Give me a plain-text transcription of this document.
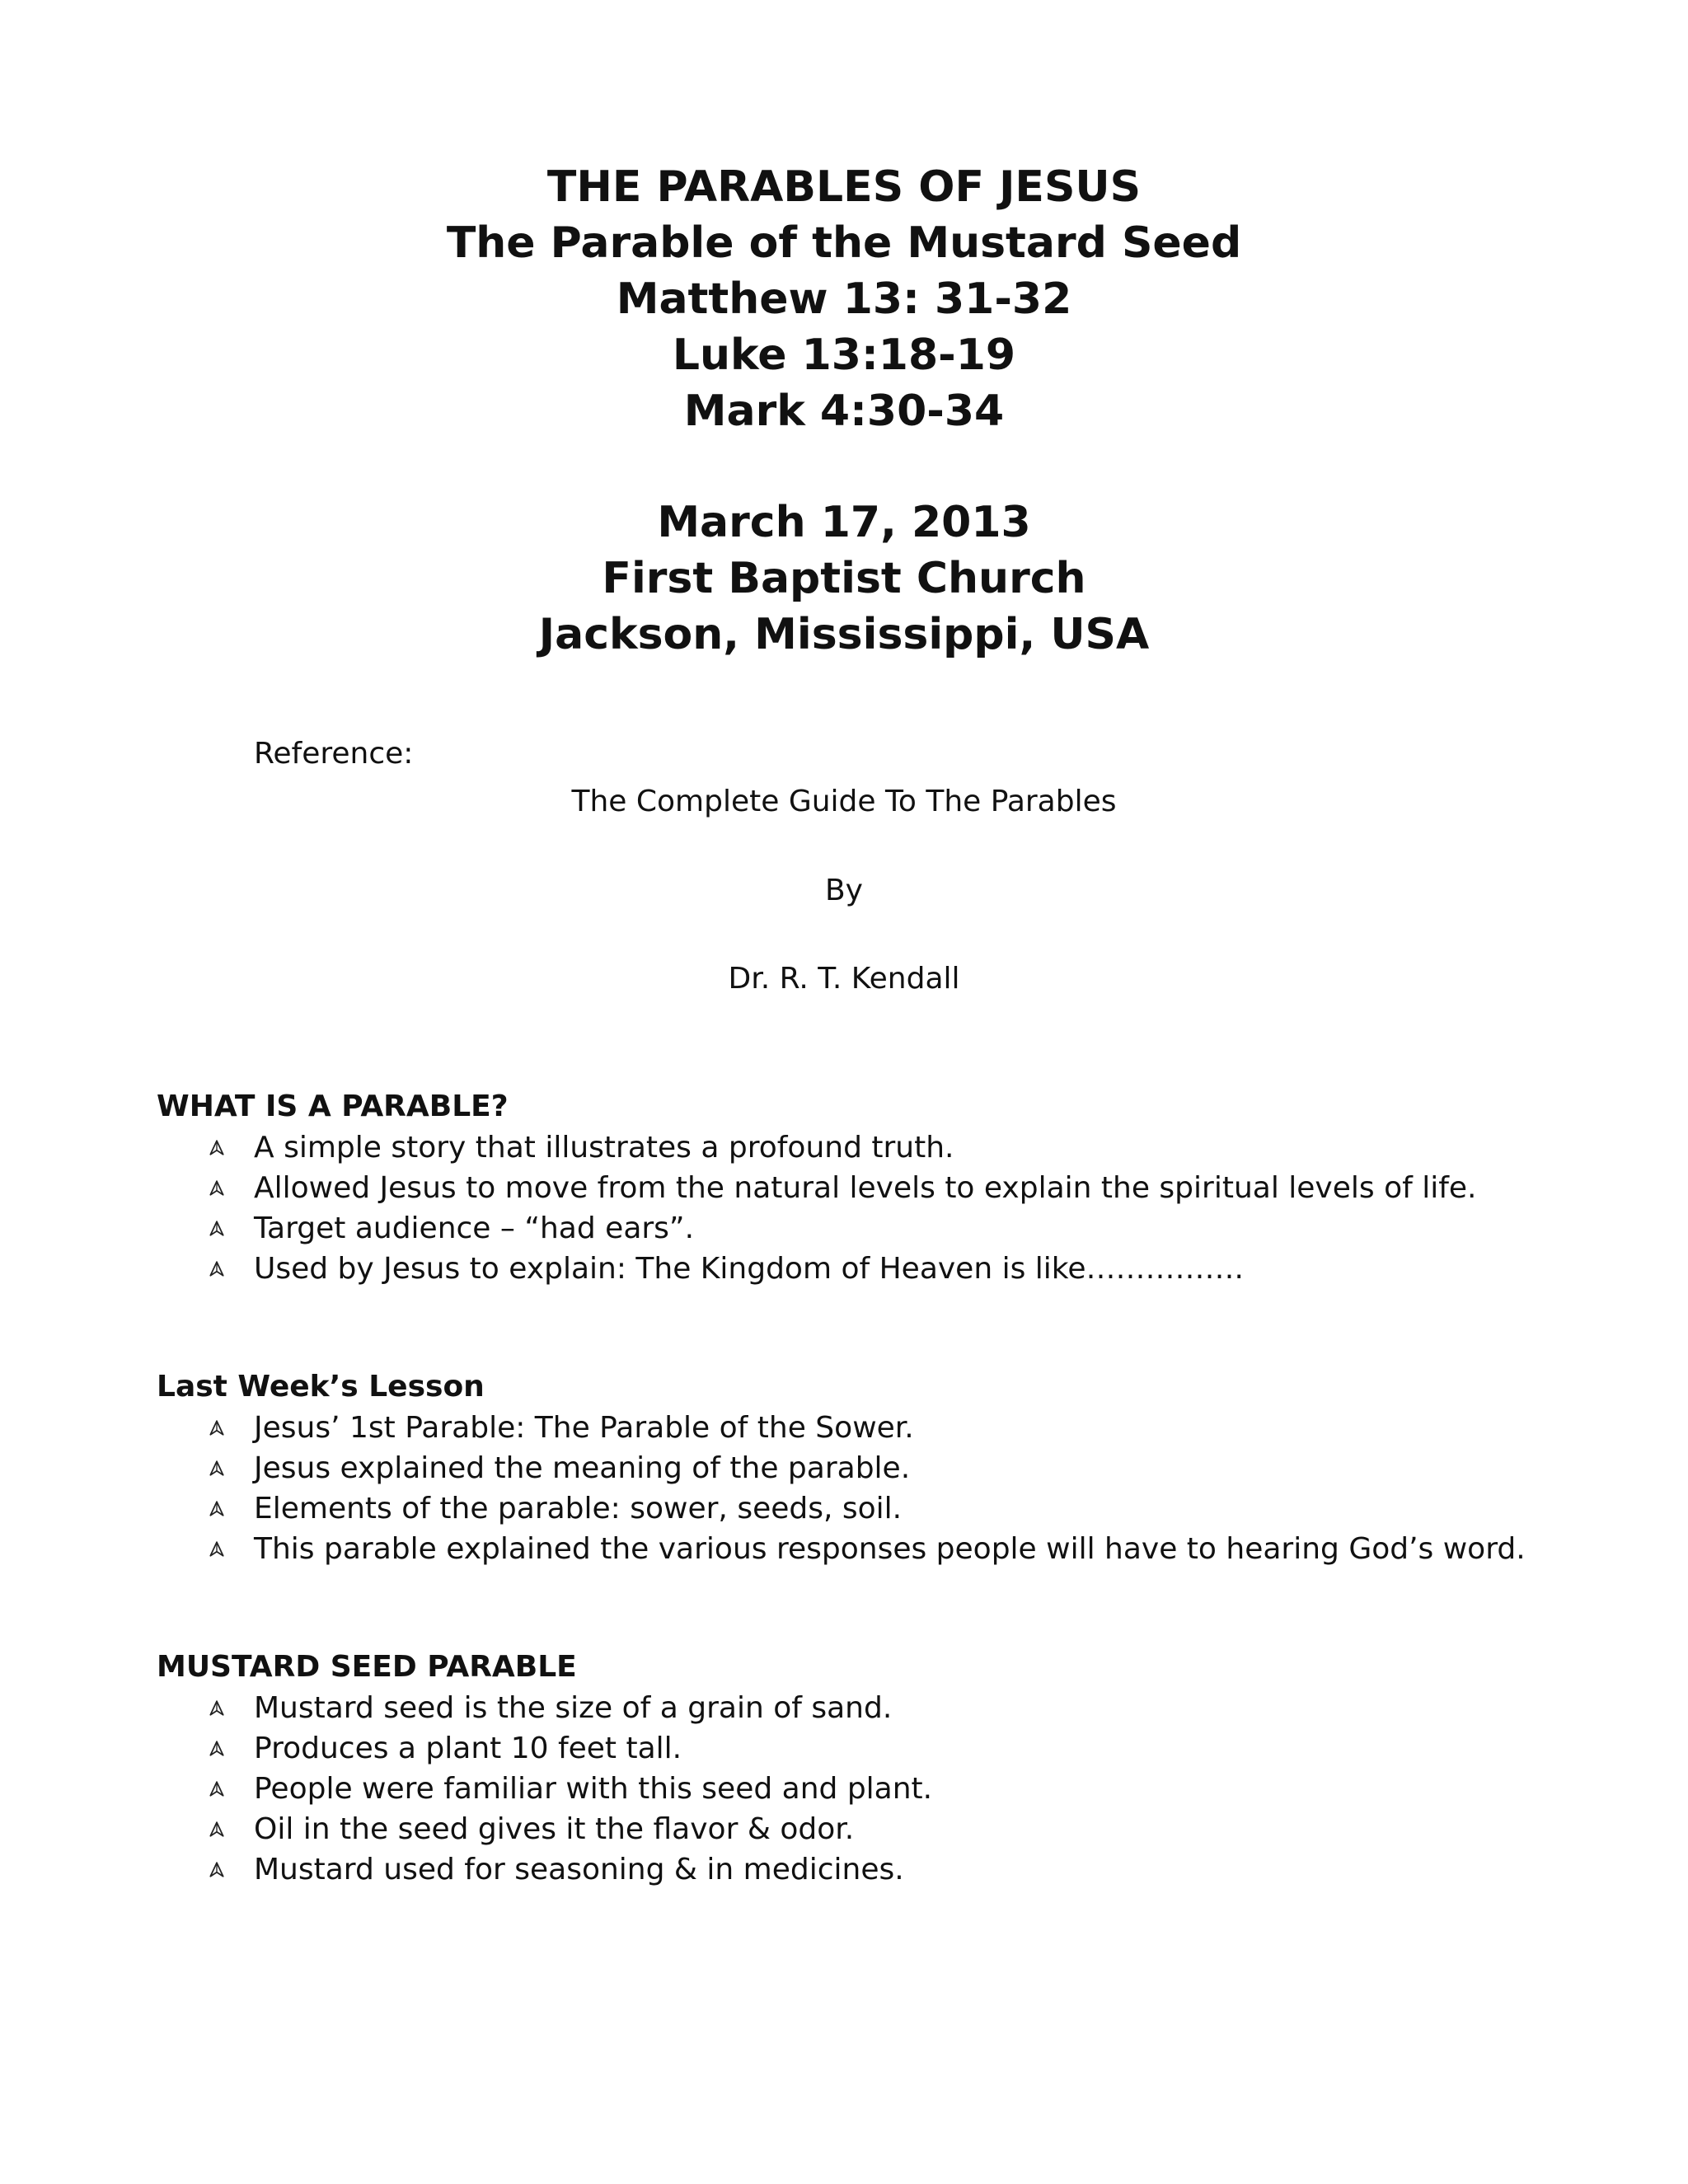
THE PARABLES OF JESUS
The Parable of the Mustard Seed
Matthew 13: 31-32
Luke 13:18-19
Mark 4:30-34
March 17, 2013
First Baptist Church
Jackson, Mississippi, USA
Reference:
The Complete Guide To The Parables
By
Dr. R. T. Kendall
WHAT IS A PARABLE?
A simple story that illustrates a profound truth.
Allowed Jesus to move from the natural levels to explain the spiritual levels of life.
Target audience – “had ears”.
Used by Jesus to explain: The Kingdom of Heaven is like…………….
Last Week’s Lesson
Jesus’ 1st Parable: The Parable of the Sower.
Jesus explained the meaning of the parable.
Elements of the parable: sower, seeds, soil.
This parable explained the various responses people will have to hearing God’s word.
MUSTARD SEED PARABLE
Mustard seed is the size of a grain of sand.
Produces a plant 10 feet tall.
People were familiar with this seed and plant.
Oil in the seed gives it the flavor & odor.
Mustard used for seasoning & in medicines.
